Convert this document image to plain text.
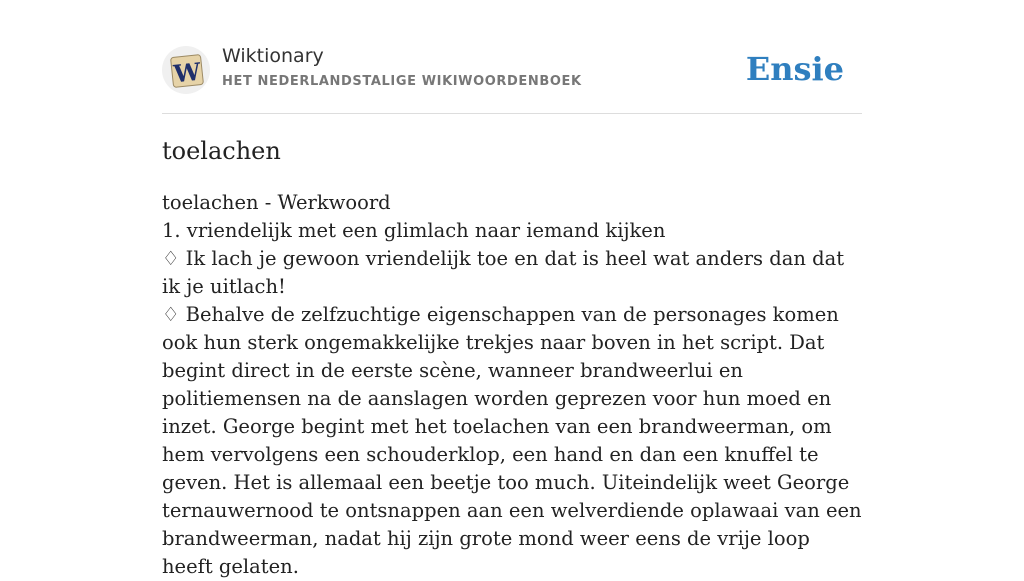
W
Wiktionary
HET NEDERLANDSTALIGE WIKIWOORDENBOEK	Ensie
toelachen

toelachen - Werkwoord

1. vriendelijk met een glimlach naar iemand kijken

♢ Ik lach je gewoon vriendelijk toe en dat is heel wat anders dan dat ik je uitlach!

♢ Behalve de zelfzuchtige eigenschappen van de personages komen ook hun sterk ongemakkelijke trekjes naar boven in het script. Dat begint direct in de eerste scène, wanneer brandweerlui en politiemensen na de aanslagen worden geprezen voor hun moed en inzet. George begint met het toelachen van een brandweerman, om hem vervolgens een schouderklop, een hand en dan een knuffel te geven. Het is allemaal een beetje too much. Uiteindelijk weet George ternauwernood te ontsnappen aan een welverdiende oplawaai van een brandweerman, nadat hij zijn grote mond weer eens de vrije loop heeft gelaten.
